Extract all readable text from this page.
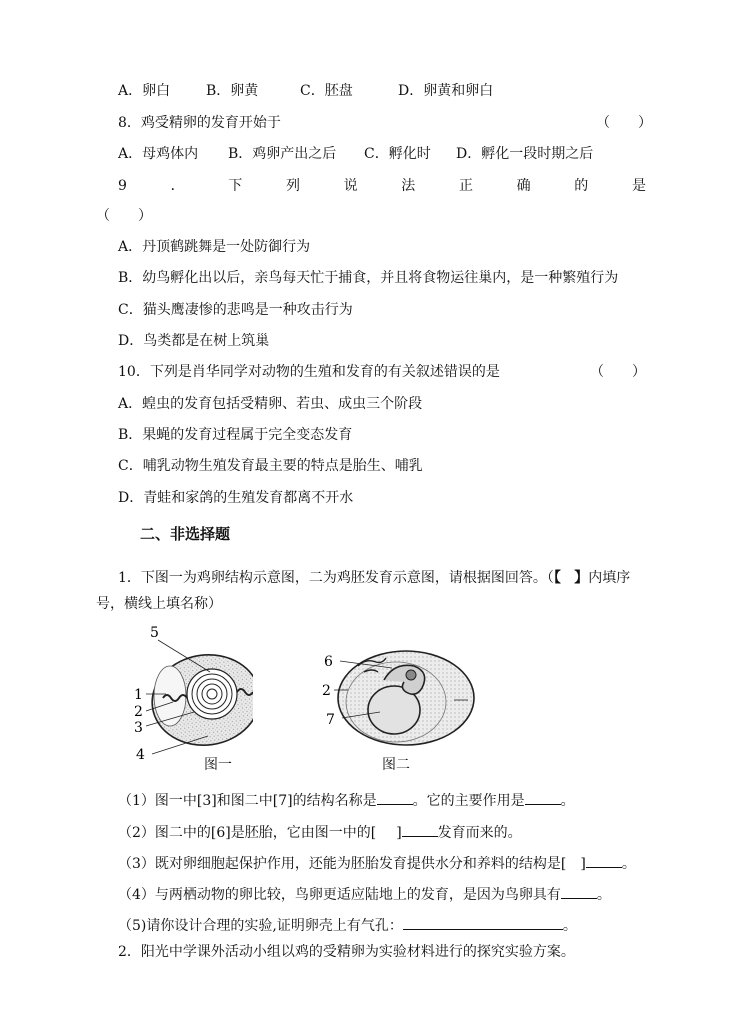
A．卵白	B．卵黄	C．胚盘	D．卵黄和卵白
8．鸡受精卵的发育开始于	（　　）
A．母鸡体内 B．鸡卵产出之后 C．孵化时 D．孵化一段时期之后
9	．	下	列	说	法	正	确	的	是
（　　）
A．丹顶鹤跳舞是一处防御行为
B．幼鸟孵化出以后，亲鸟每天忙于捕食，并且将食物运往巢内，是一种繁殖行为
C．猫头鹰凄惨的悲鸣是一种攻击行为
D．鸟类都是在树上筑巢
10．下列是肖华同学对动物的生殖和发育的有关叙述错误的是	（　　）
A．蝗虫的发育包括受精卵、若虫、成虫三个阶段
B．果蝇的发育过程属于完全变态发育
C．哺乳动物生殖发育最主要的特点是胎生、哺乳
D．青蛙和家鸽的生殖发育都离不开水
二、非选择题
1．下图一为鸡卵结构示意图，二为鸡胚发育示意图，请根据图回答。（【 】内填序
号，横线上填名称）
5
1
2
3
4
图一
6
2
7
图二
（1）图一中[3]和图二中[7]的结构名称是	。它的主要作用是	。
（2）图二中的[6]是胚胎，它由图一中的[ ]	发育而来的。
（3）既对卵细胞起保护作用，还能为胚胎发育提供水分和养料的结构是[ ]	。
（4）与两栖动物的卵比较，鸟卵更适应陆地上的发育，是因为鸟卵具有	。
（5)请你设计合理的实验,证明卵壳上有气孔：	。
2．阳光中学课外活动小组以鸡的受精卵为实验材料进行的探究实验方案。
